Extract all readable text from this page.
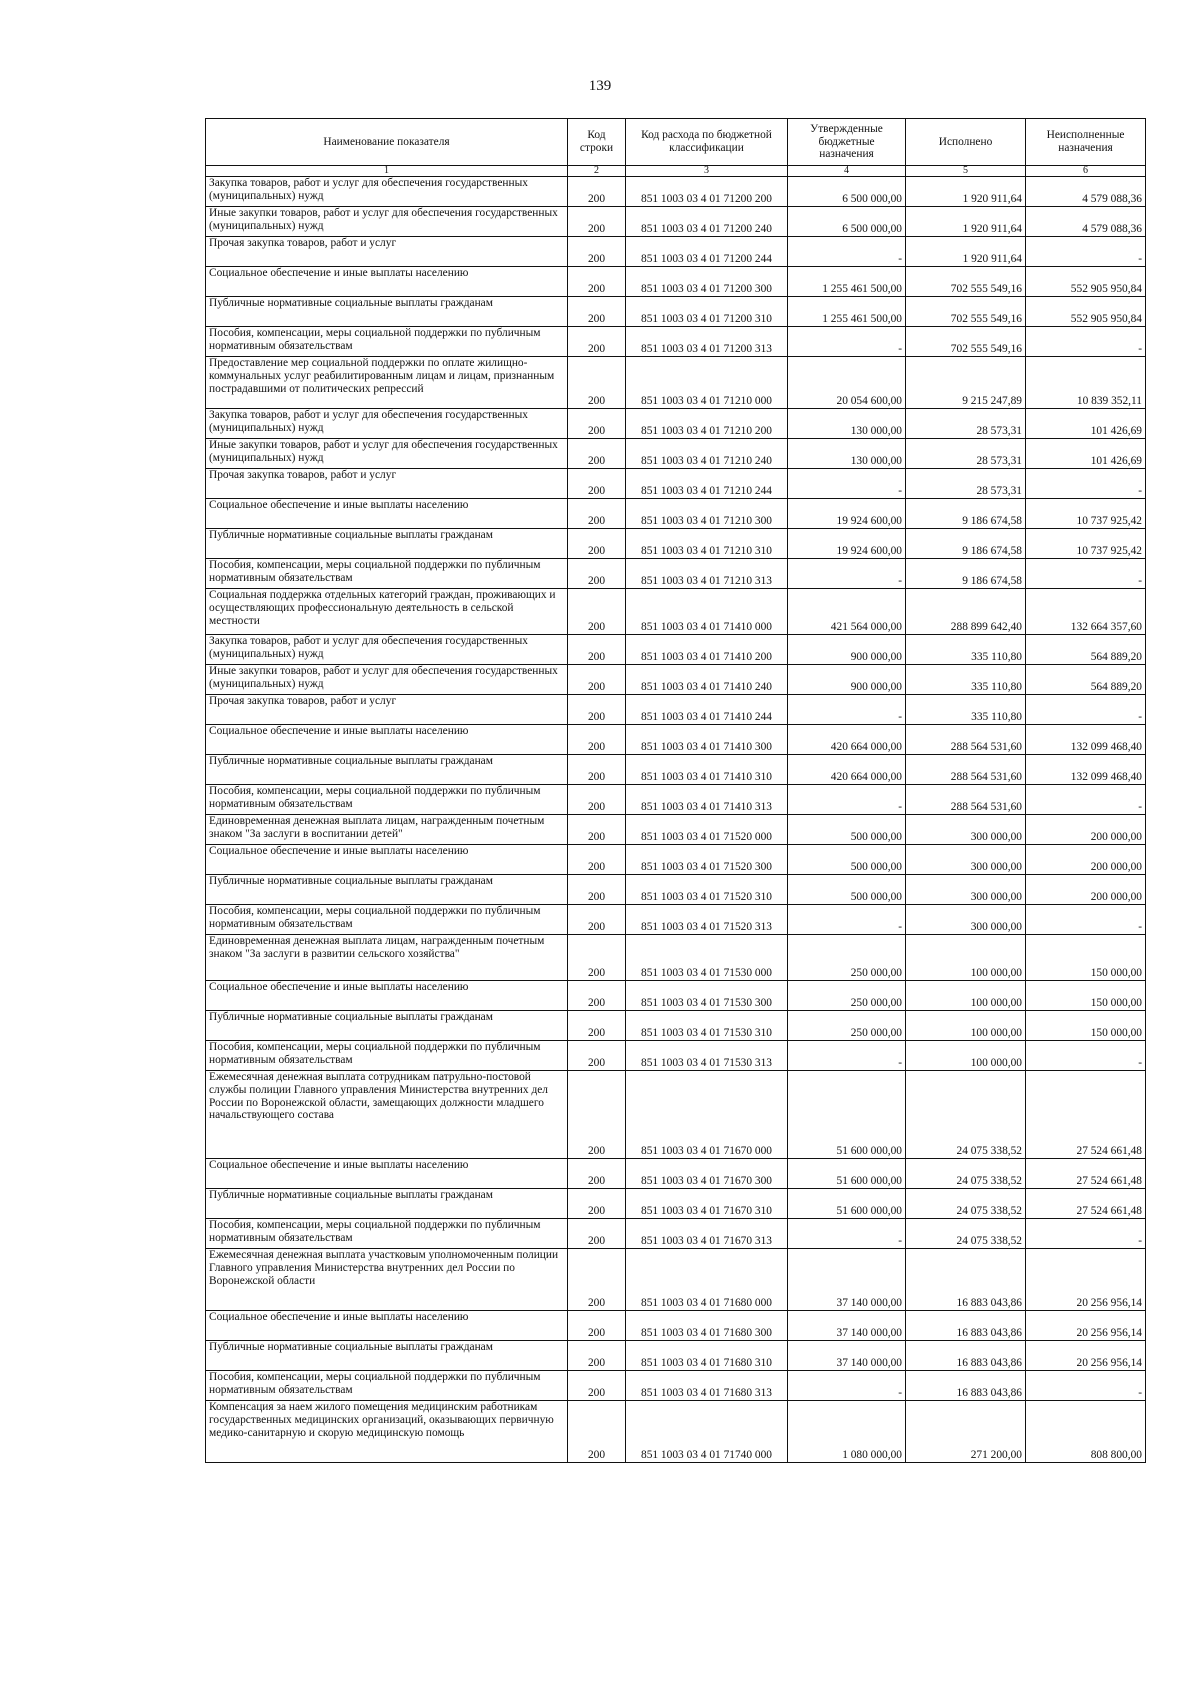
139
Наименование показателя	Код строки	Код расхода по бюджетной классификации	Утвержденные бюджетные назначения	Исполнено	Неисполненные назначения
1	2	3	4	5	6
Закупка товаров, работ и услуг для обеспечения государственных (муниципальных) нужд	200	851 1003 03 4 01 71200 200	6 500 000,00	1 920 911,64	4 579 088,36
Иные закупки товаров, работ и услуг для обеспечения государственных (муниципальных) нужд	200	851 1003 03 4 01 71200 240	6 500 000,00	1 920 911,64	4 579 088,36
Прочая закупка товаров, работ и услуг	200	851 1003 03 4 01 71200 244	-	1 920 911,64	-
Социальное обеспечение и иные выплаты населению	200	851 1003 03 4 01 71200 300	1 255 461 500,00	702 555 549,16	552 905 950,84
Публичные нормативные социальные выплаты гражданам	200	851 1003 03 4 01 71200 310	1 255 461 500,00	702 555 549,16	552 905 950,84
Пособия, компенсации, меры социальной поддержки по публичным нормативным обязательствам	200	851 1003 03 4 01 71200 313	-	702 555 549,16	-
Предоставление мер социальной поддержки по оплате жилищно-коммунальных услуг реабилитированным лицам и лицам, признанным пострадавшими от политических репрессий	200	851 1003 03 4 01 71210 000	20 054 600,00	9 215 247,89	10 839 352,11
Закупка товаров, работ и услуг для обеспечения государственных (муниципальных) нужд	200	851 1003 03 4 01 71210 200	130 000,00	28 573,31	101 426,69
Иные закупки товаров, работ и услуг для обеспечения государственных (муниципальных) нужд	200	851 1003 03 4 01 71210 240	130 000,00	28 573,31	101 426,69
Прочая закупка товаров, работ и услуг	200	851 1003 03 4 01 71210 244	-	28 573,31	-
Социальное обеспечение и иные выплаты населению	200	851 1003 03 4 01 71210 300	19 924 600,00	9 186 674,58	10 737 925,42
Публичные нормативные социальные выплаты гражданам	200	851 1003 03 4 01 71210 310	19 924 600,00	9 186 674,58	10 737 925,42
Пособия, компенсации, меры социальной поддержки по публичным нормативным обязательствам	200	851 1003 03 4 01 71210 313	-	9 186 674,58	-
Социальная поддержка отдельных категорий граждан, проживающих и осуществляющих профессиональную деятельность в сельской местности	200	851 1003 03 4 01 71410 000	421 564 000,00	288 899 642,40	132 664 357,60
Закупка товаров, работ и услуг для обеспечения государственных (муниципальных) нужд	200	851 1003 03 4 01 71410 200	900 000,00	335 110,80	564 889,20
Иные закупки товаров, работ и услуг для обеспечения государственных (муниципальных) нужд	200	851 1003 03 4 01 71410 240	900 000,00	335 110,80	564 889,20
Прочая закупка товаров, работ и услуг	200	851 1003 03 4 01 71410 244	-	335 110,80	-
Социальное обеспечение и иные выплаты населению	200	851 1003 03 4 01 71410 300	420 664 000,00	288 564 531,60	132 099 468,40
Публичные нормативные социальные выплаты гражданам	200	851 1003 03 4 01 71410 310	420 664 000,00	288 564 531,60	132 099 468,40
Пособия, компенсации, меры социальной поддержки по публичным нормативным обязательствам	200	851 1003 03 4 01 71410 313	-	288 564 531,60	-
Единовременная денежная выплата лицам, награжденным почетным знаком "За заслуги в воспитании детей"	200	851 1003 03 4 01 71520 000	500 000,00	300 000,00	200 000,00
Социальное обеспечение и иные выплаты населению	200	851 1003 03 4 01 71520 300	500 000,00	300 000,00	200 000,00
Публичные нормативные социальные выплаты гражданам	200	851 1003 03 4 01 71520 310	500 000,00	300 000,00	200 000,00
Пособия, компенсации, меры социальной поддержки по публичным нормативным обязательствам	200	851 1003 03 4 01 71520 313	-	300 000,00	-
Единовременная денежная выплата лицам, награжденным почетным знаком "За заслуги в развитии сельского хозяйства"	200	851 1003 03 4 01 71530 000	250 000,00	100 000,00	150 000,00
Социальное обеспечение и иные выплаты населению	200	851 1003 03 4 01 71530 300	250 000,00	100 000,00	150 000,00
Публичные нормативные социальные выплаты гражданам	200	851 1003 03 4 01 71530 310	250 000,00	100 000,00	150 000,00
Пособия, компенсации, меры социальной поддержки по публичным нормативным обязательствам	200	851 1003 03 4 01 71530 313	-	100 000,00	-
Ежемесячная денежная выплата сотрудникам патрульно-постовой службы полиции Главного управления Министерства внутренних дел России по Воронежской области, замещающих должности младшего начальствующего состава	200	851 1003 03 4 01 71670 000	51 600 000,00	24 075 338,52	27 524 661,48
Социальное обеспечение и иные выплаты населению	200	851 1003 03 4 01 71670 300	51 600 000,00	24 075 338,52	27 524 661,48
Публичные нормативные социальные выплаты гражданам	200	851 1003 03 4 01 71670 310	51 600 000,00	24 075 338,52	27 524 661,48
Пособия, компенсации, меры социальной поддержки по публичным нормативным обязательствам	200	851 1003 03 4 01 71670 313	-	24 075 338,52	-
Ежемесячная денежная выплата участковым уполномоченным полиции Главного управления Министерства внутренних дел России по Воронежской области	200	851 1003 03 4 01 71680 000	37 140 000,00	16 883 043,86	20 256 956,14
Социальное обеспечение и иные выплаты населению	200	851 1003 03 4 01 71680 300	37 140 000,00	16 883 043,86	20 256 956,14
Публичные нормативные социальные выплаты гражданам	200	851 1003 03 4 01 71680 310	37 140 000,00	16 883 043,86	20 256 956,14
Пособия, компенсации, меры социальной поддержки по публичным нормативным обязательствам	200	851 1003 03 4 01 71680 313	-	16 883 043,86	-
Компенсация за наем жилого помещения медицинским работникам государственных медицинских организаций, оказывающих первичную медико-санитарную и скорую медицинскую помощь	200	851 1003 03 4 01 71740 000	1 080 000,00	271 200,00	808 800,00
